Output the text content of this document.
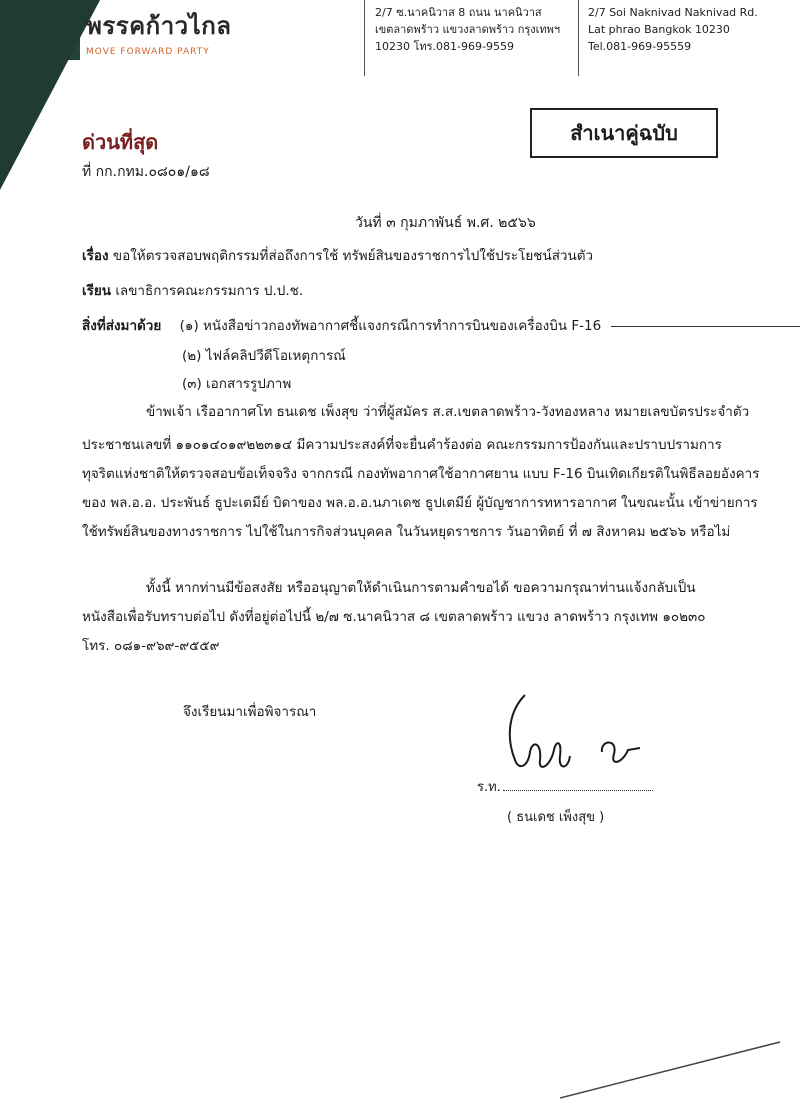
พรรคก้าวไกล
MOVE FORWARD PARTY
2/7 ซ.นาคนิวาส 8 ถนน นาคนิวาส
เขตลาดพร้าว แขวงลาดพร้าว กรุงเทพฯ
10230 โทร.081-969-9559
2/7 Soi Naknivad Naknivad Rd.
Lat phrao Bangkok 10230
Tel.081-969-95559
ด่วนที่สุด
ที่ กก.กทม.๐๘๐๑/๑๘
สำเนาคู่ฉบับ
วันที่ ๓ กุมภาพันธ์ พ.ศ. ๒๕๖๖
เรื่อง ขอให้ตรวจสอบพฤติกรรมที่ส่อถึงการใช้ ทรัพย์สินของราชการไปใช้ประโยชน์ส่วนตัว
เรียน เลขาธิการคณะกรรมการ ป.ป.ช.
สิ่งที่ส่งมาด้วย (๑) หนังสือข่าวกองทัพอากาศชี้แจงกรณีการทำการบินของเครื่องบิน F-16
(๒) ไฟล์คลิปวีดีโอเหตุการณ์
(๓) เอกสารรูปภาพ
ข้าพเจ้า เรืออากาศโท ธนเดช เพ็งสุข ว่าที่ผู้สมัคร ส.ส.เขตลาดพร้าว-วังทองหลาง หมายเลขบัตรประจำตัว
ประชาชนเลขที่ ๑๑๐๑๔๐๑๙๒๒๓๑๔ มีความประสงค์ที่จะยื่นคำร้องต่อ คณะกรรมการป้องกันและปราบปรามการ
ทุจริตแห่งชาติให้ตรวจสอบข้อเท็จจริง จากกรณี กองทัพอากาศใช้อากาศยาน แบบ F-16 บินเทิดเกียรติในพิธีลอยอังคาร
ของ พล.อ.อ. ประพันธ์ ธูปะเตมีย์ บิดาของ พล.อ.อ.นภาเดช ธูปเตมีย์ ผู้บัญชาการทหารอากาศ ในขณะนั้น เข้าข่ายการ
ใช้ทรัพย์สินของทางราชการ ไปใช้ในการกิจส่วนบุคคล ในวันหยุดราชการ วันอาทิตย์ ที่ ๗ สิงหาคม ๒๕๖๖ หรือไม่
ทั้งนี้ หากท่านมีข้อสงสัย หรืออนุญาตให้ดำเนินการตามคำขอได้ ขอความกรุณาท่านแจ้งกลับเป็น
หนังสือเพื่อรับทราบต่อไป ดังที่อยู่ต่อไปนี้ ๒/๗ ซ.นาคนิวาส ๘ เขตลาดพร้าว แขวง ลาดพร้าว กรุงเทพ ๑๐๒๓๐
โทร. ๐๘๑-๙๖๙-๙๕๕๙
จึงเรียนมาเพื่อพิจารณา
ร.ท.
( ธนเดช เพ็งสุข )
